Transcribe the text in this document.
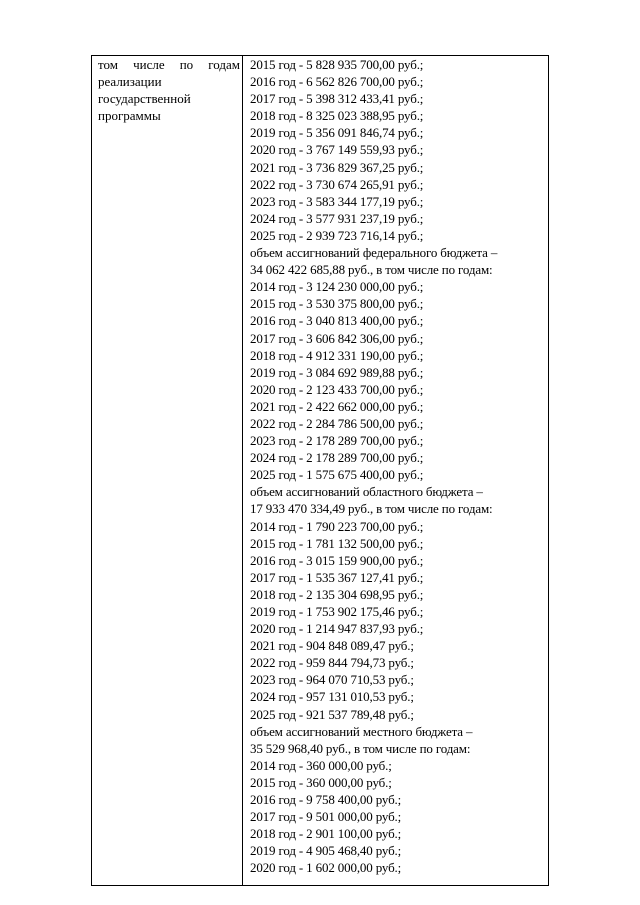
том числе по годам
реализации
государственной
программы
2015 год - 5 828 935 700,00 руб.;
2016 год - 6 562 826 700,00 руб.;
2017 год - 5 398 312 433,41 руб.;
2018 год - 8 325 023 388,95 руб.;
2019 год - 5 356 091 846,74 руб.;
2020 год - 3 767 149 559,93 руб.;
2021 год - 3 736 829 367,25 руб.;
2022 год - 3 730 674 265,91 руб.;
2023 год - 3 583 344 177,19 руб.;
2024 год - 3 577 931 237,19 руб.;
2025 год - 2 939 723 716,14 руб.;
объем ассигнований федерального бюджета –
34 062 422 685,88 руб., в том числе по годам:
2014 год - 3 124 230 000,00 руб.;
2015 год - 3 530 375 800,00 руб.;
2016 год - 3 040 813 400,00 руб.;
2017 год - 3 606 842 306,00 руб.;
2018 год - 4 912 331 190,00 руб.;
2019 год - 3 084 692 989,88 руб.;
2020 год - 2 123 433 700,00 руб.;
2021 год - 2 422 662 000,00 руб.;
2022 год - 2 284 786 500,00 руб.;
2023 год - 2 178 289 700,00 руб.;
2024 год - 2 178 289 700,00 руб.;
2025 год - 1 575 675 400,00 руб.;
объем ассигнований областного бюджета –
17 933 470 334,49 руб., в том числе по годам:
2014 год - 1 790 223 700,00 руб.;
2015 год - 1 781 132 500,00 руб.;
2016 год - 3 015 159 900,00 руб.;
2017 год - 1 535 367 127,41 руб.;
2018 год - 2 135 304 698,95 руб.;
2019 год - 1 753 902 175,46 руб.;
2020 год - 1 214 947 837,93 руб.;
2021 год - 904 848 089,47 руб.;
2022 год - 959 844 794,73 руб.;
2023 год - 964 070 710,53 руб.;
2024 год - 957 131 010,53 руб.;
2025 год - 921 537 789,48 руб.;
объем ассигнований местного бюджета –
35 529 968,40 руб., в том числе по годам:
2014 год - 360 000,00 руб.;
2015 год - 360 000,00 руб.;
2016 год - 9 758 400,00 руб.;
2017 год - 9 501 000,00 руб.;
2018 год - 2 901 100,00 руб.;
2019 год - 4 905 468,40 руб.;
2020 год - 1 602 000,00 руб.;
